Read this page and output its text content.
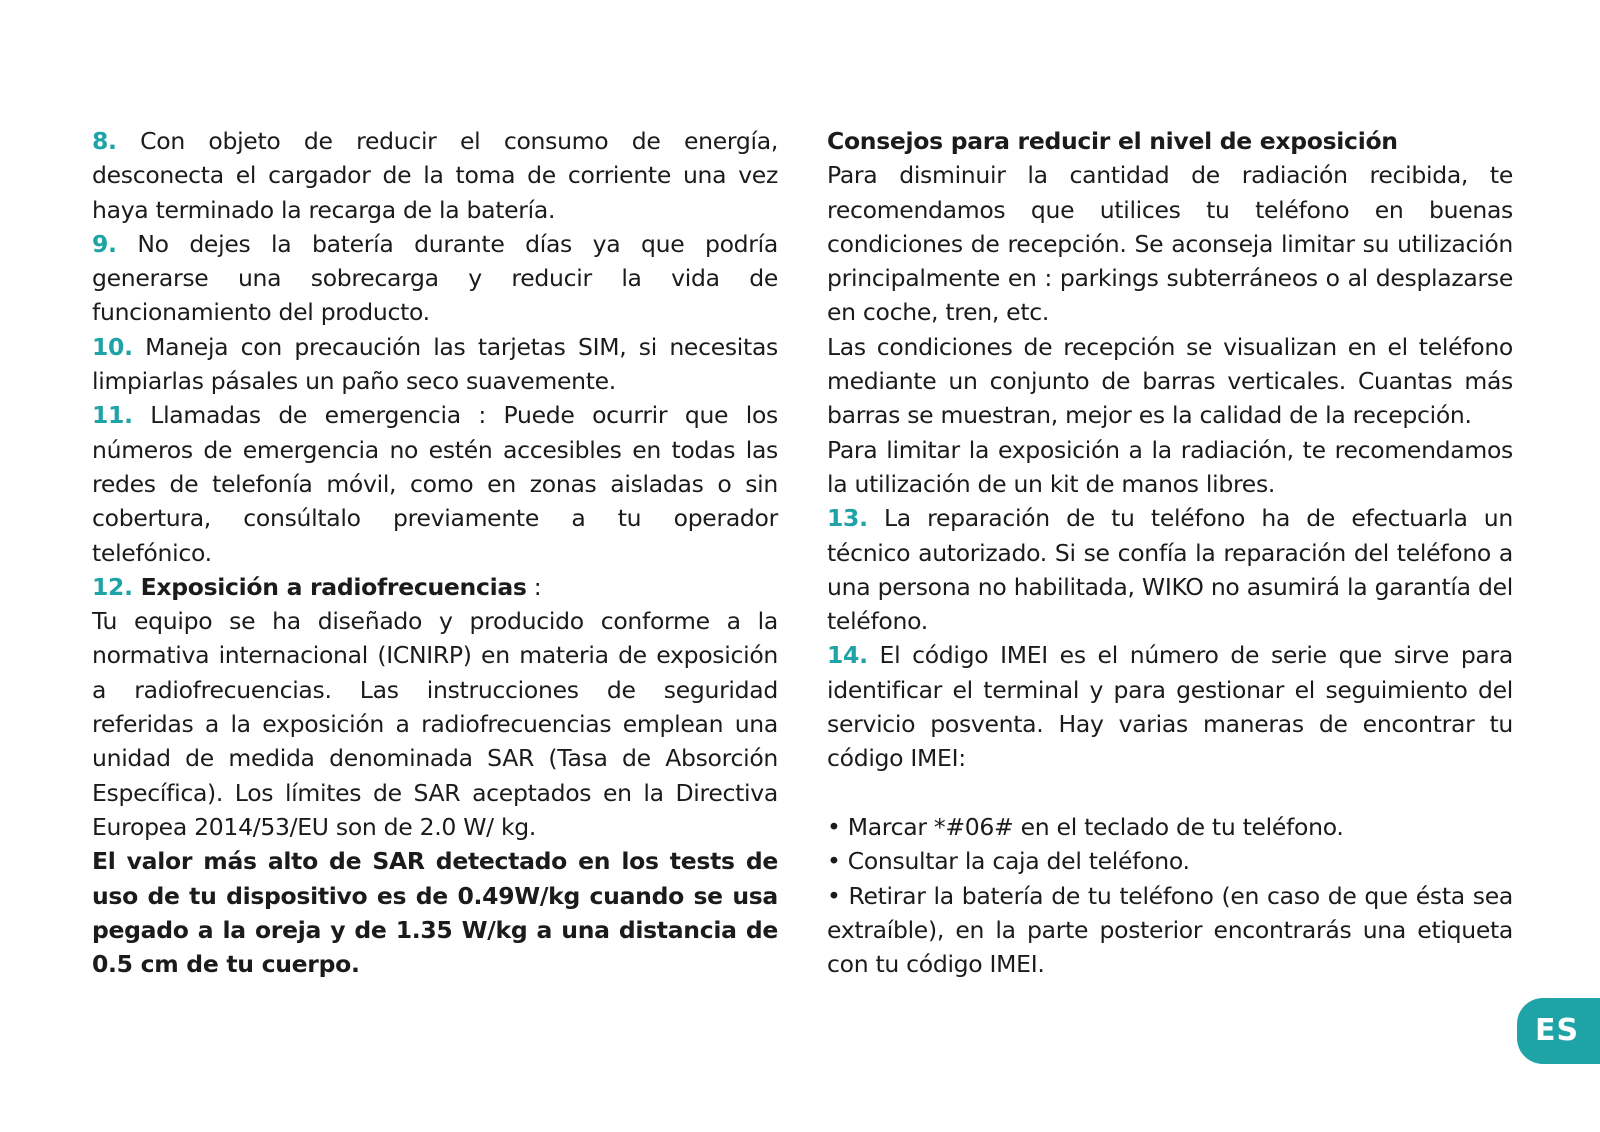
8. Con objeto de reducir el consumo de energía, desconecta el cargador de la toma de corriente una vez haya terminado la recarga de la batería.

9. No dejes la batería durante días ya que podría generarse una sobrecarga y reducir la vida de funcionamiento del producto.

10. Maneja con precaución las tarjetas SIM, si necesitas limpiarlas pásales un paño seco suavemente.

11. Llamadas de emergencia : Puede ocurrir que los números de emergencia no estén accesibles en todas las redes de telefonía móvil, como en zonas aisladas o sin cobertura, consúltalo previamente a tu operador telefónico.

12. Exposición a radiofrecuencias :

Tu equipo se ha diseñado y producido conforme a la normativa internacional (ICNIRP) en materia de exposición a radiofrecuencias. Las instrucciones de seguridad referidas a la exposición a radiofrecuencias emplean una unidad de medida denominada SAR (Tasa de Absorción Específica). Los límites de SAR aceptados en la Directiva Europea 2014/53/EU son de 2.0 W/ kg.

El valor más alto de SAR detectado en los tests de uso de tu dispositivo es de 0.49W/kg cuando se usa pegado a la oreja y de 1.35 W/kg a una distancia de 0.5 cm de tu cuerpo.

Consejos para reducir el nivel de exposición

Para disminuir la cantidad de radiación recibida, te recomendamos que utilices tu teléfono en buenas condiciones de recepción. Se aconseja limitar su utilización principalmente en : parkings subterráneos o al desplazarse en coche, tren, etc.

Las condiciones de recepción se visualizan en el teléfono mediante un conjunto de barras verticales. Cuantas más barras se muestran, mejor es la calidad de la recepción.

Para limitar la exposición a la radiación, te recomendamos la utilización de un kit de manos libres.

13. La reparación de tu teléfono ha de efectuarla un técnico autorizado. Si se confía la reparación del teléfono a una persona no habilitada, WIKO no asumirá la garantía del teléfono.

14. El código IMEI es el número de serie que sirve para identificar el terminal y para gestionar el seguimiento del servicio posventa. Hay varias maneras de encontrar tu código IMEI:

• Marcar *#06# en el teclado de tu teléfono.

• Consultar la caja del teléfono.

• Retirar la batería de tu teléfono (en caso de que ésta sea extraíble), en la parte posterior encontrarás una etiqueta con tu código IMEI.

ES
